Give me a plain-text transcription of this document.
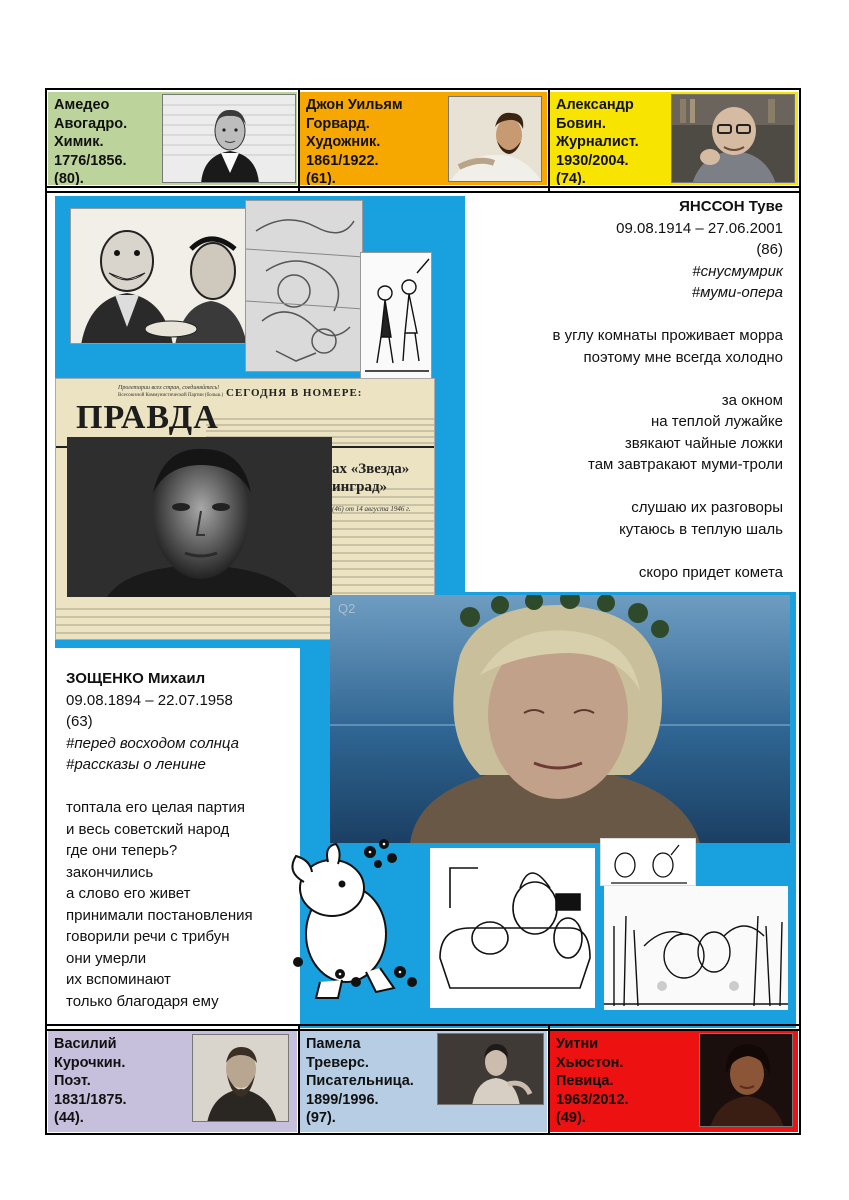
Амедео
Авогадро.
Химик.
1776/1856.
(80).
Джон Уильям
Горвард.
Художник.
1861/1922.
(61).
Александр
Бовин.
Журналист.
1930/2004.
(74).
Пролетарии всех стран, соединяйтесь!
Всесоюзной Коммунистической Партии (больш.)
ПРАВДА
СЕГОДНЯ В НОМЕРЕ:
ах «Звезда»
инград»
(46) от 14 августа 1946 г.
Q2
ЯНССОН Туве
09.08.1914 – 27.06.2001
(86)
#снусмумрик
#муми-опера
в углу комнаты проживает морра
поэтому мне всегда холодно
за окном
на теплой лужайке
звякают чайные ложки
там завтракают муми-троли
слушаю их разговоры
кутаюсь в теплую шаль
скоро придет комета
ЗОЩЕНКО Михаил
09.08.1894 – 22.07.1958
(63)
#перед восходом солнца
#рассказы о ленине
топтала его целая партия
и весь советский народ
где они теперь?
закончились
а слово его живет
принимали постановления
говорили речи с трибун
они умерли
их вспоминают
только благодаря ему
Василий
Курочкин.
Поэт.
1831/1875.
(44).
Памела
Треверс.
Писательница.
1899/1996.
(97).
Уитни
Хьюстон.
Певица.
1963/2012.
(49).
